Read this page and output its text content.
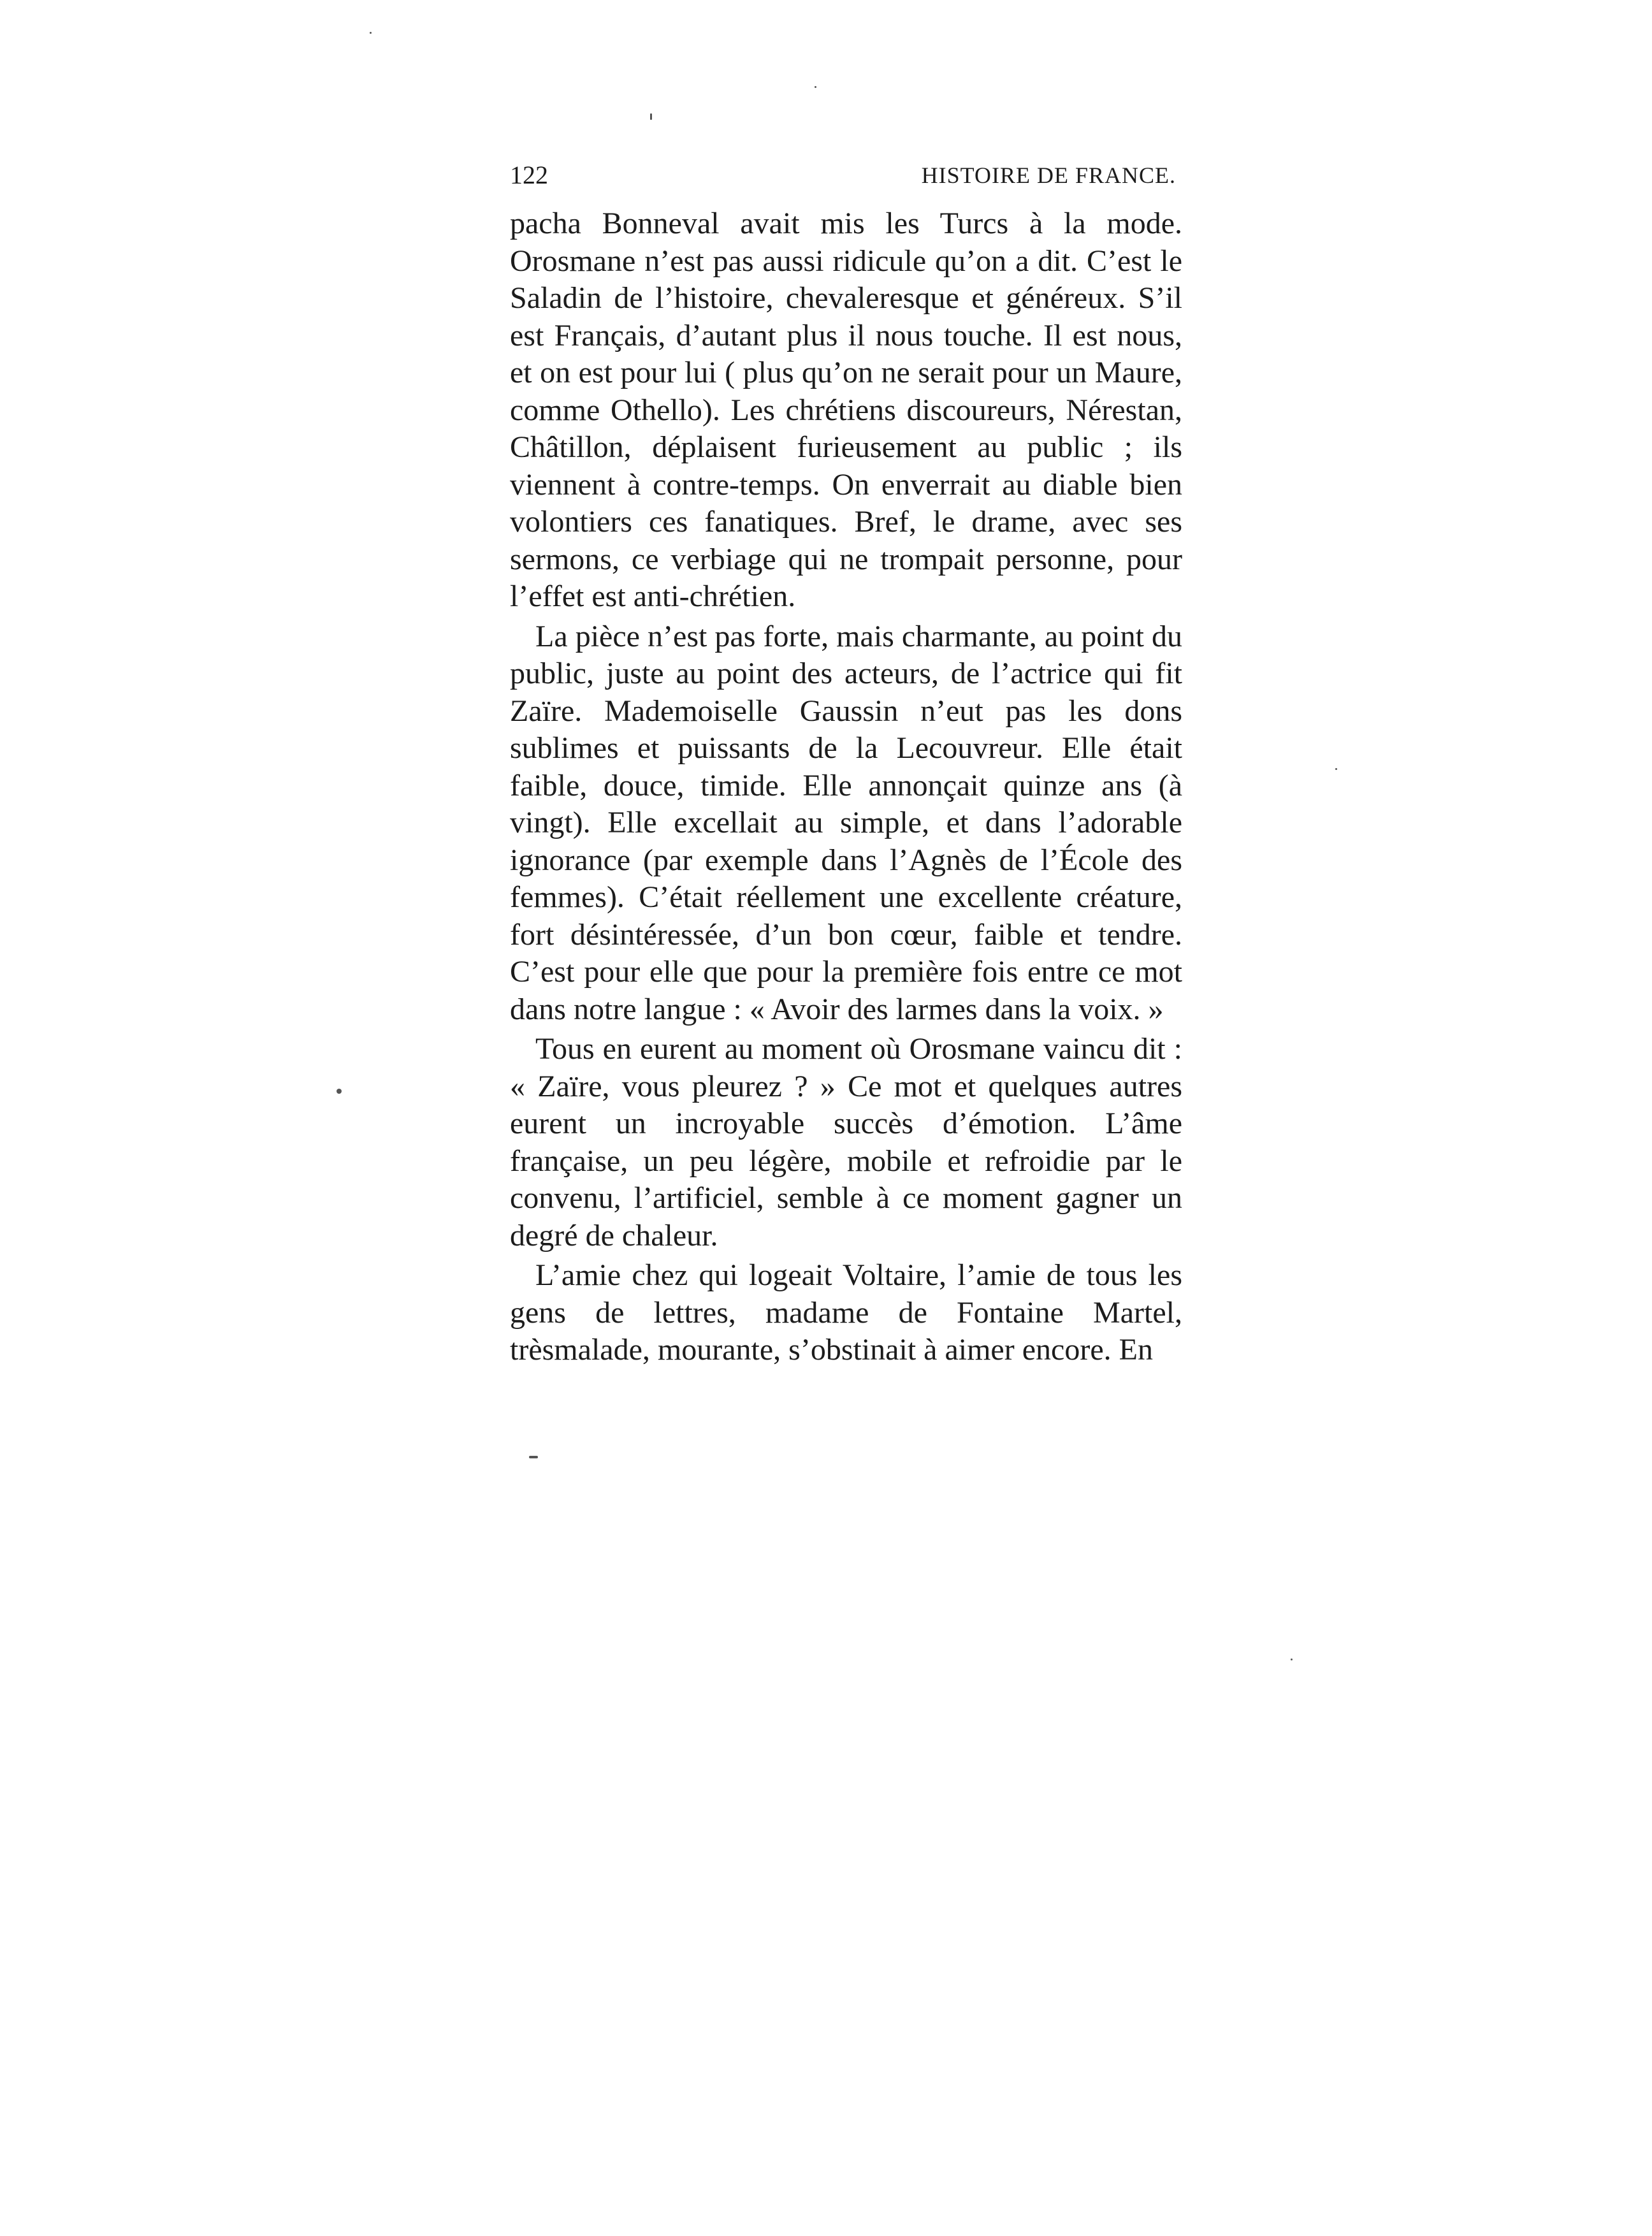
122	HISTOIRE DE FRANCE.

pacha Bonneval avait mis les Turcs à la mode. Orosmane n’est pas aussi ridicule qu’on a dit. C’est le Saladin de l’histoire, chevaleresque et généreux. S’il est Français, d’autant plus il nous touche. Il est nous, et on est pour lui ( plus qu’on ne serait pour un Maure, comme Othello). Les chrétiens discoureurs, Nérestan, Châtillon, déplaisent furieusement au public ; ils viennent à contre-temps. On enverrait au diable bien volontiers ces fanatiques. Bref, le drame, avec ses sermons, ce verbiage qui ne trompait personne, pour l’effet est anti-chrétien.

La pièce n’est pas forte, mais charmante, au point du public, juste au point des acteurs, de l’actrice qui fit Zaïre. Mademoiselle Gaussin n’eut pas les dons sublimes et puissants de la Lecouvreur. Elle était faible, douce, timide. Elle annonçait quinze ans (à vingt). Elle excellait au simple, et dans l’adorable ignorance (par exemple dans l’Agnès de l’École des femmes). C’était réellement une excellente créature, fort désintéressée, d’un bon cœur, faible et tendre. C’est pour elle que pour la première fois entre ce mot dans notre langue : « Avoir des larmes dans la voix. »

Tous en eurent au moment où Orosmane vaincu dit : « Zaïre, vous pleurez ? » Ce mot et quelques autres eurent un incroyable succès d’émotion. L’âme française, un peu légère, mobile et refroidie par le convenu, l’artificiel, semble à ce moment gagner un degré de chaleur.

L’amie chez qui logeait Voltaire, l’amie de tous les gens de lettres, madame de Fontaine Martel, trèsmalade, mourante, s’obstinait à aimer encore. En
